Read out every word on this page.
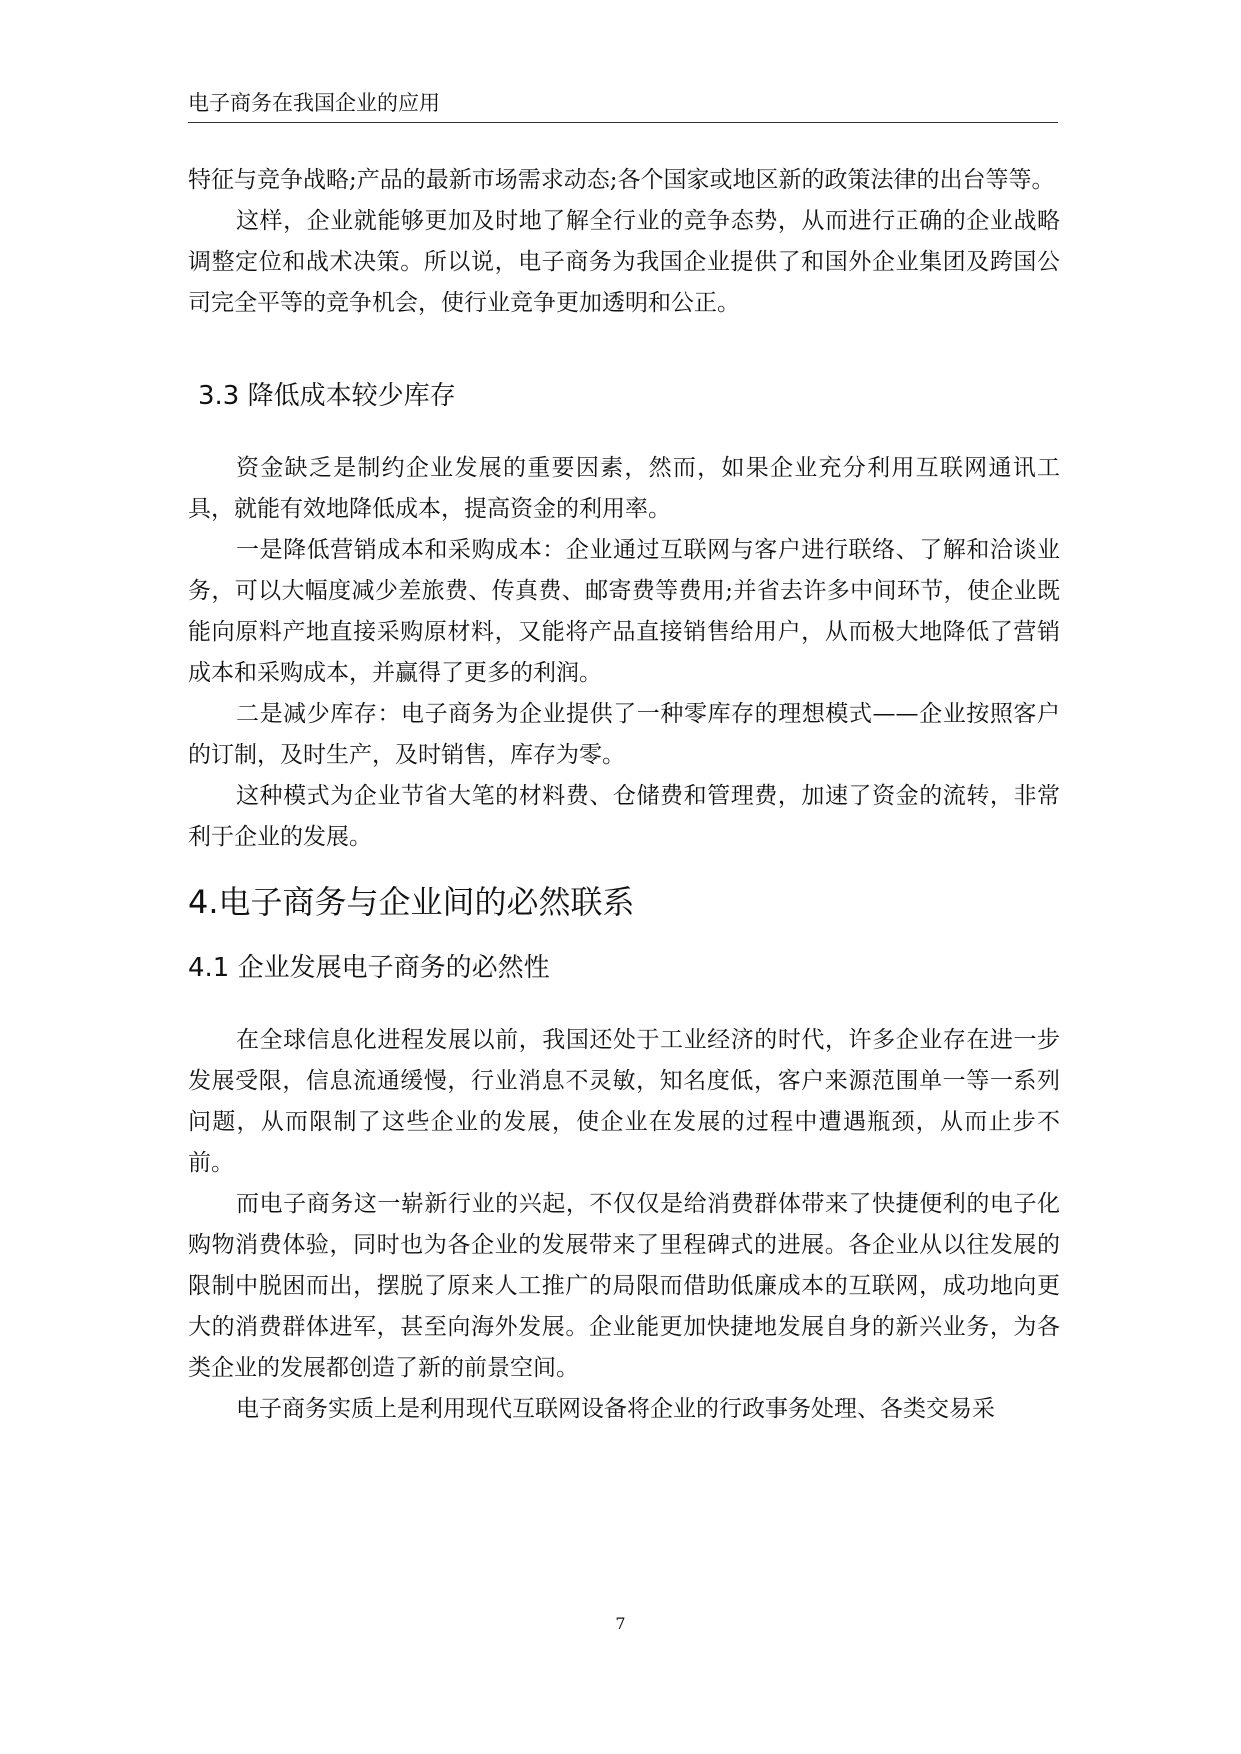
电子商务在我国企业的应用

特征与竞争战略;产品的最新市场需求动态;各个国家或地区新的政策法律的出台等等。

这样，企业就能够更加及时地了解全行业的竞争态势，从而进行正确的企业战略调整定位和战术决策。所以说，电子商务为我国企业提供了和国外企业集团及跨国公司完全平等的竞争机会，使行业竞争更加透明和公正。

3.3 降低成本较少库存

资金缺乏是制约企业发展的重要因素，然而，如果企业充分利用互联网通讯工具，就能有效地降低成本，提高资金的利用率。

一是降低营销成本和采购成本：企业通过互联网与客户进行联络、了解和洽谈业务，可以大幅度减少差旅费、传真费、邮寄费等费用;并省去许多中间环节，使企业既能向原料产地直接采购原材料，又能将产品直接销售给用户，从而极大地降低了营销成本和采购成本，并赢得了更多的利润。

二是减少库存：电子商务为企业提供了一种零库存的理想模式——企业按照客户的订制，及时生产，及时销售，库存为零。

这种模式为企业节省大笔的材料费、仓储费和管理费，加速了资金的流转，非常利于企业的发展。

4.电子商务与企业间的必然联系
4.1 企业发展电子商务的必然性

在全球信息化进程发展以前，我国还处于工业经济的时代，许多企业存在进一步发展受限，信息流通缓慢，行业消息不灵敏，知名度低，客户来源范围单一等一系列问题，从而限制了这些企业的发展，使企业在发展的过程中遭遇瓶颈，从而止步不前。

而电子商务这一崭新行业的兴起，不仅仅是给消费群体带来了快捷便利的电子化购物消费体验，同时也为各企业的发展带来了里程碑式的进展。各企业从以往发展的限制中脱困而出，摆脱了原来人工推广的局限而借助低廉成本的互联网，成功地向更大的消费群体进军，甚至向海外发展。企业能更加快捷地发展自身的新兴业务，为各类企业的发展都创造了新的前景空间。

电子商务实质上是利用现代互联网设备将企业的行政事务处理、各类交易采

7
